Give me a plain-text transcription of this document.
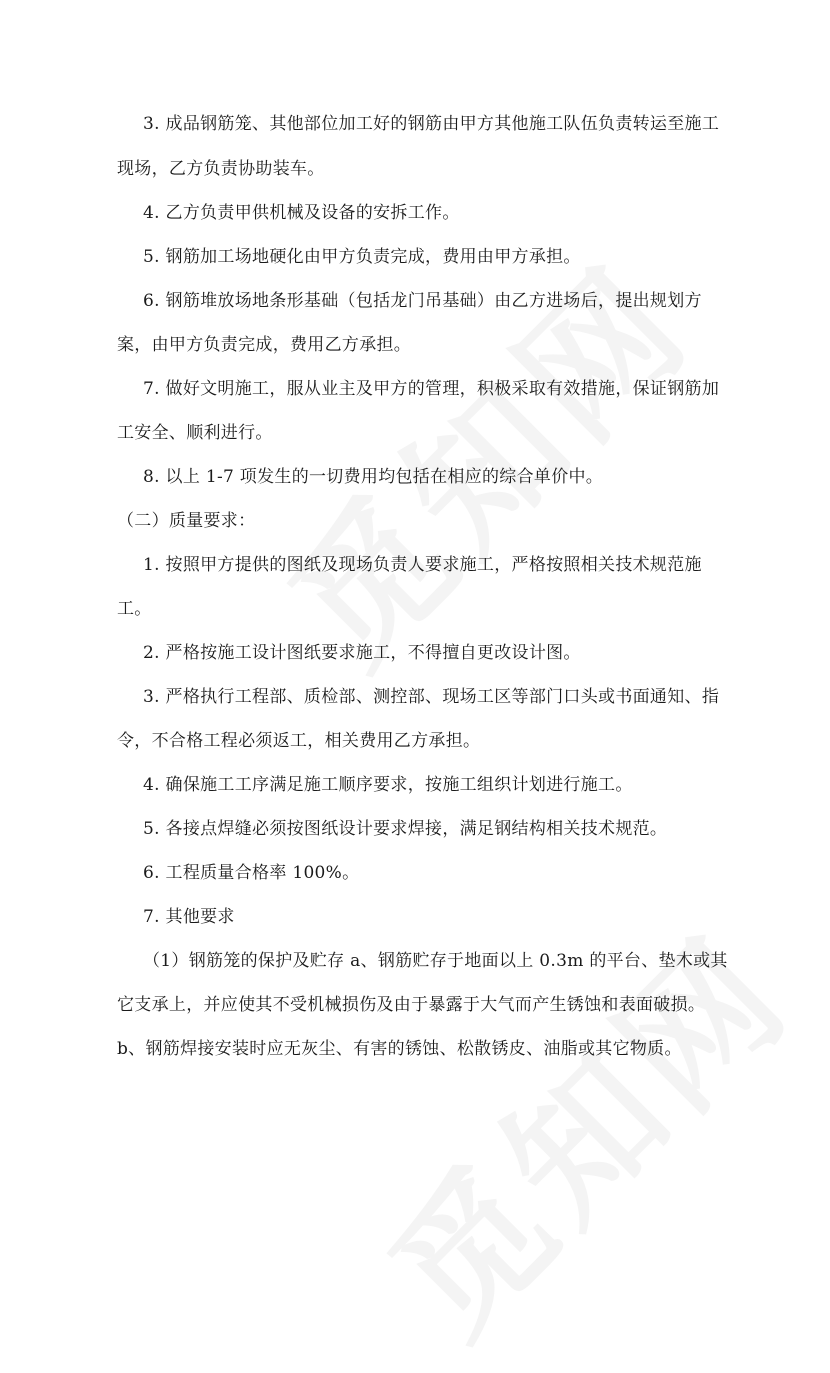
3. 成品钢筋笼、其他部位加工好的钢筋由甲方其他施工队伍负责转运至施工
现场，乙方负责协助装车。
4. 乙方负责甲供机械及设备的安拆工作。
5. 钢筋加工场地硬化由甲方负责完成，费用由甲方承担。
6. 钢筋堆放场地条形基础（包括龙门吊基础）由乙方进场后，提出规划方
案，由甲方负责完成，费用乙方承担。
7. 做好文明施工，服从业主及甲方的管理，积极采取有效措施，保证钢筋加
工安全、顺利进行。
8. 以上 1-7 项发生的一切费用均包括在相应的综合单价中。
（二）质量要求：
1. 按照甲方提供的图纸及现场负责人要求施工，严格按照相关技术规范施
工。
2. 严格按施工设计图纸要求施工，不得擅自更改设计图。
3. 严格执行工程部、质检部、测控部、现场工区等部门口头或书面通知、指
令，不合格工程必须返工，相关费用乙方承担。
4. 确保施工工序满足施工顺序要求，按施工组织计划进行施工。
5. 各接点焊缝必须按图纸设计要求焊接，满足钢结构相关技术规范。
6. 工程质量合格率 100%。
7. 其他要求
（1）钢筋笼的保护及贮存 a、钢筋贮存于地面以上 0.3m 的平台、垫木或其
它支承上，并应使其不受机械损伤及由于暴露于大气而产生锈蚀和表面破损。
b、钢筋焊接安装时应无灰尘、有害的锈蚀、松散锈皮、油脂或其它物质。
